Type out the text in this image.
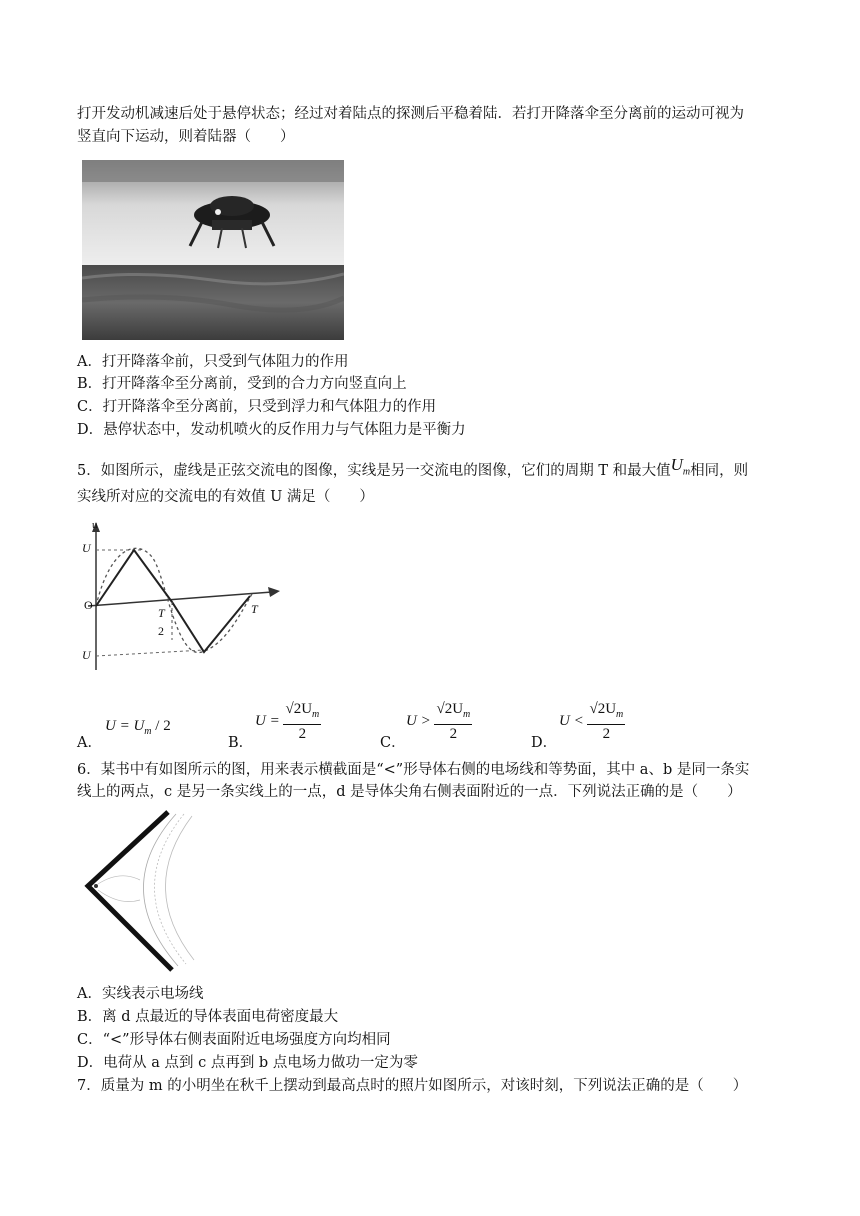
打开发动机减速后处于悬停状态；经过对着陆点的探测后平稳着陆．若打开降落伞至分离前的运动可视为
竖直向下运动，则着陆器（　　）
A．打开降落伞前，只受到气体阻力的作用
B．打开降落伞至分离前，受到的合力方向竖直向上
C．打开降落伞至分离前，只受到浮力和气体阻力的作用
D．悬停状态中，发动机喷火的反作用力与气体阻力是平衡力
5．如图所示，虚线是正弦交流电的图像，实线是另一交流电的图像，它们的周期 T 和最大值$U_m$相同，则
实线所对应的交流电的有效值 U 满足（　　）
u
U
O
T
2
T
U
A．
$U = U_m / 2$
B．
$U = \frac{√2U_m}{2}$	C．
$U > \frac{√2U_m}{2}$	D．
$U < \frac{√2U_m}{2}$
6．某书中有如图所示的图，用来表示横截面是“<”形导体右侧的电场线和等势面，其中 a、b 是同一条实
线上的两点，c 是另一条实线上的一点，d 是导体尖角右侧表面附近的一点．下列说法正确的是（　　）
A．实线表示电场线
B．离 d 点最近的导体表面电荷密度最大
C．“<”形导体右侧表面附近电场强度方向均相同
D．电荷从 a 点到 c 点再到 b 点电场力做功一定为零
7．质量为 m 的小明坐在秋千上摆动到最高点时的照片如图所示，对该时刻，下列说法正确的是（　　）
